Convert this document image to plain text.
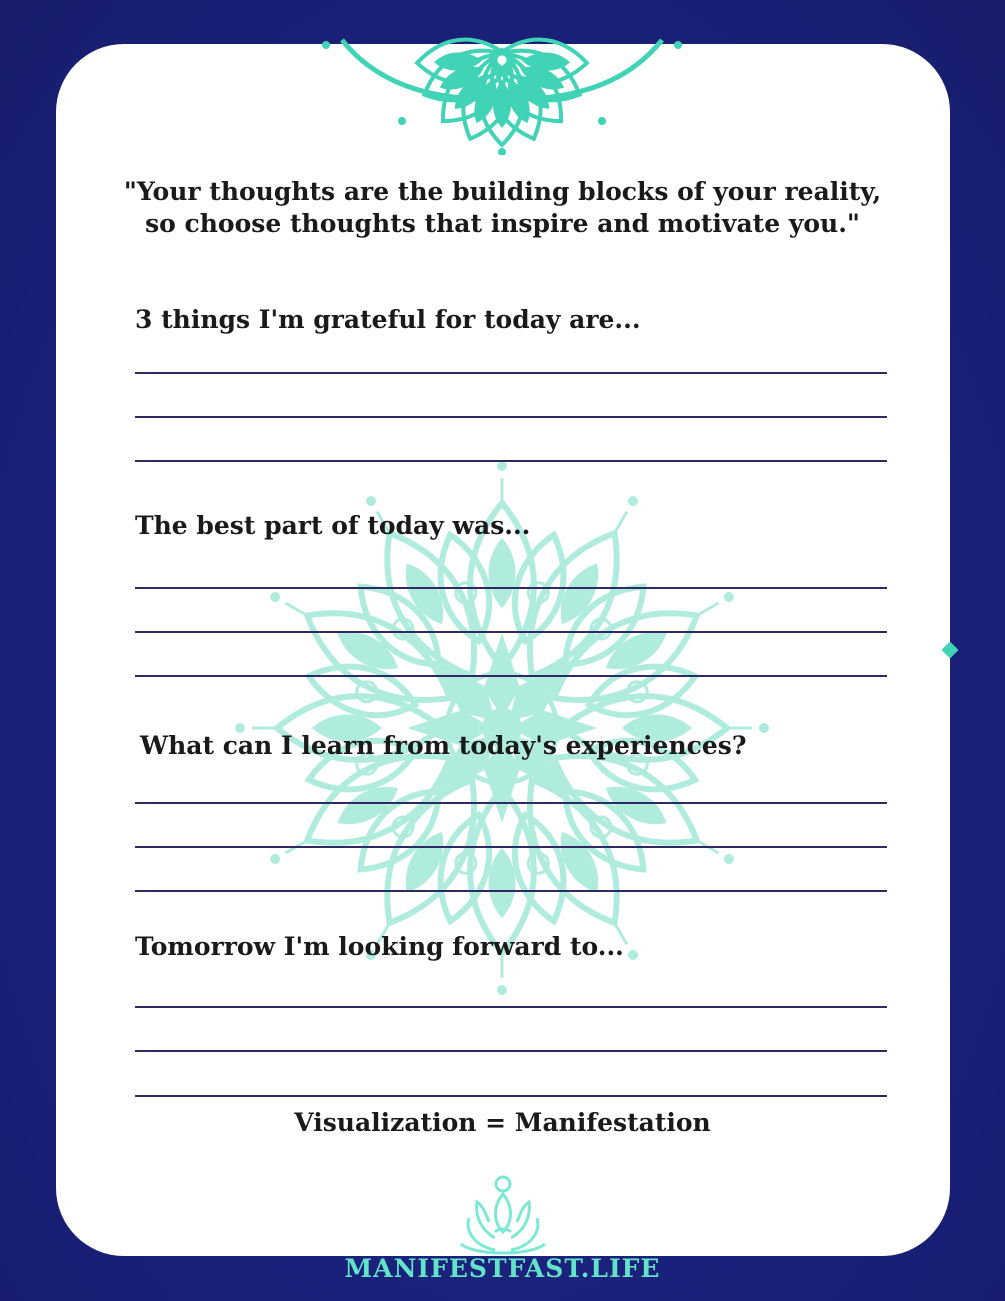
"Your thoughts are the building blocks of your reality,
so choose thoughts that inspire and motivate you."
3 things I'm grateful for today are...
The best part of today was...
What can I learn from today's experiences?
Tomorrow I'm looking forward to...
Visualization = Manifestation
MANIFESTFAST.LIFE
